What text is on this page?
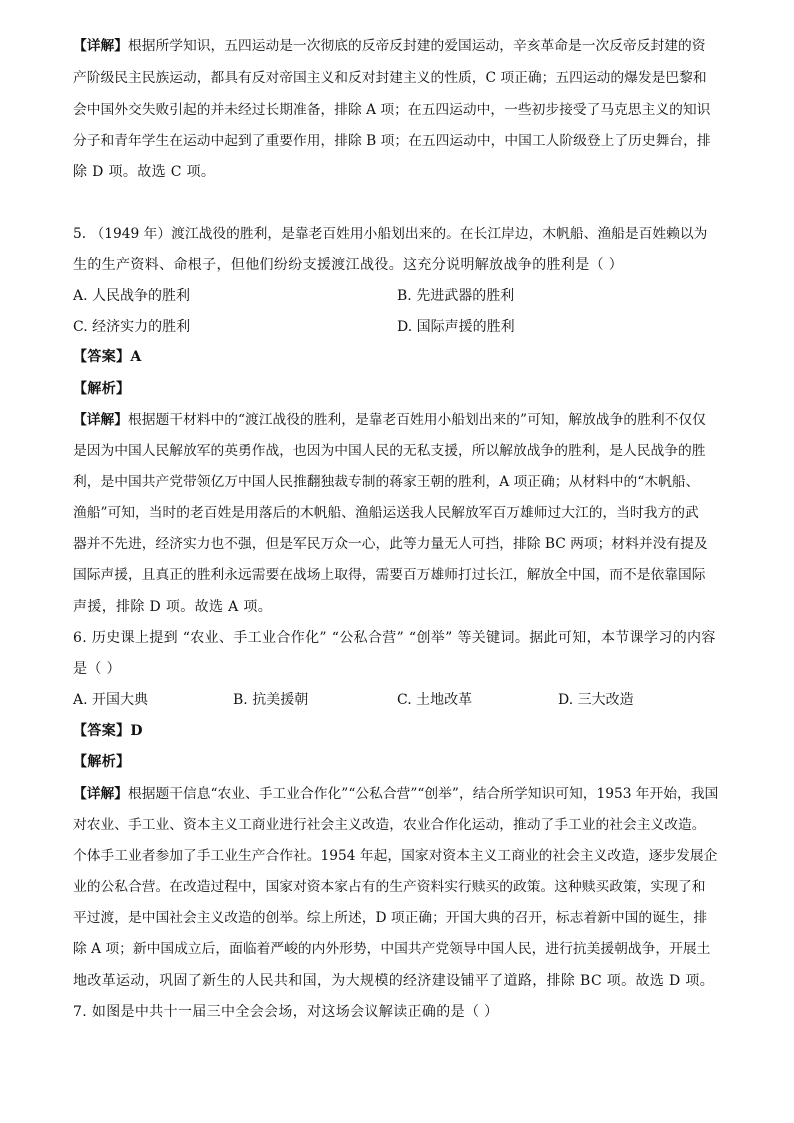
【详解】根据所学知识，五四运动是一次彻底的反帝反封建的爱国运动，辛亥革命是一次反帝反封建的资
产阶级民主民族运动，都具有反对帝国主义和反对封建主义的性质，C 项正确；五四运动的爆发是巴黎和
会中国外交失败引起的并未经过长期准备，排除 A 项；在五四运动中，一些初步接受了马克思主义的知识
分子和青年学生在运动中起到了重要作用，排除 B 项；在五四运动中，中国工人阶级登上了历史舞台，排
除 D 项。故选 C 项。
5. （1949 年）渡江战役的胜利，是靠老百姓用小船划出来的。在长江岸边，木帆船、渔船是百姓赖以为
生的生产资料、命根子，但他们纷纷支援渡江战役。这充分说明解放战争的胜利是（ ）
A. 人民战争的胜利	B. 先进武器的胜利
C. 经济实力的胜利	D. 国际声援的胜利
【答案】A
【解析】
【详解】根据题干材料中的“渡江战役的胜利，是靠老百姓用小船划出来的”可知，解放战争的胜利不仅仅
是因为中国人民解放军的英勇作战，也因为中国人民的无私支援，所以解放战争的胜利，是人民战争的胜
利，是中国共产党带领亿万中国人民推翻独裁专制的蒋家王朝的胜利，A 项正确；从材料中的“木帆船、
渔船”可知，当时的老百姓是用落后的木帆船、渔船运送我人民解放军百万雄师过大江的，当时我方的武
器并不先进，经济实力也不强，但是军民万众一心，此等力量无人可挡，排除 BC 两项；材料并没有提及
国际声援，且真正的胜利永远需要在战场上取得，需要百万雄师打过长江，解放全中国，而不是依靠国际
声援，排除 D 项。故选 A 项。
6. 历史课上提到 “农业、手工业合作化” “公私合营” “创举” 等关键词。据此可知，本节课学习的内容
是（ ）
A. 开国大典	B. 抗美援朝	C. 土地改革	D. 三大改造
【答案】D
【解析】
【详解】根据题干信息“农业、手工业合作化”“公私合营”“创举”，结合所学知识可知，1953 年开始，我国
对农业、手工业、资本主义工商业进行社会主义改造，农业合作化运动，推动了手工业的社会主义改造。
个体手工业者参加了手工业生产合作社。1954 年起，国家对资本主义工商业的社会主义改造，逐步发展企
业的公私合营。在改造过程中，国家对资本家占有的生产资料实行赎买的政策。这种赎买政策，实现了和
平过渡，是中国社会主义改造的创举。综上所述，D 项正确；开国大典的召开，标志着新中国的诞生，排
除 A 项；新中国成立后，面临着严峻的内外形势，中国共产党领导中国人民，进行抗美援朝战争，开展土
地改革运动，巩固了新生的人民共和国，为大规模的经济建设铺平了道路，排除 BC 项。故选 D 项。
7. 如图是中共十一届三中全会会场，对这场会议解读正确的是（ ）
